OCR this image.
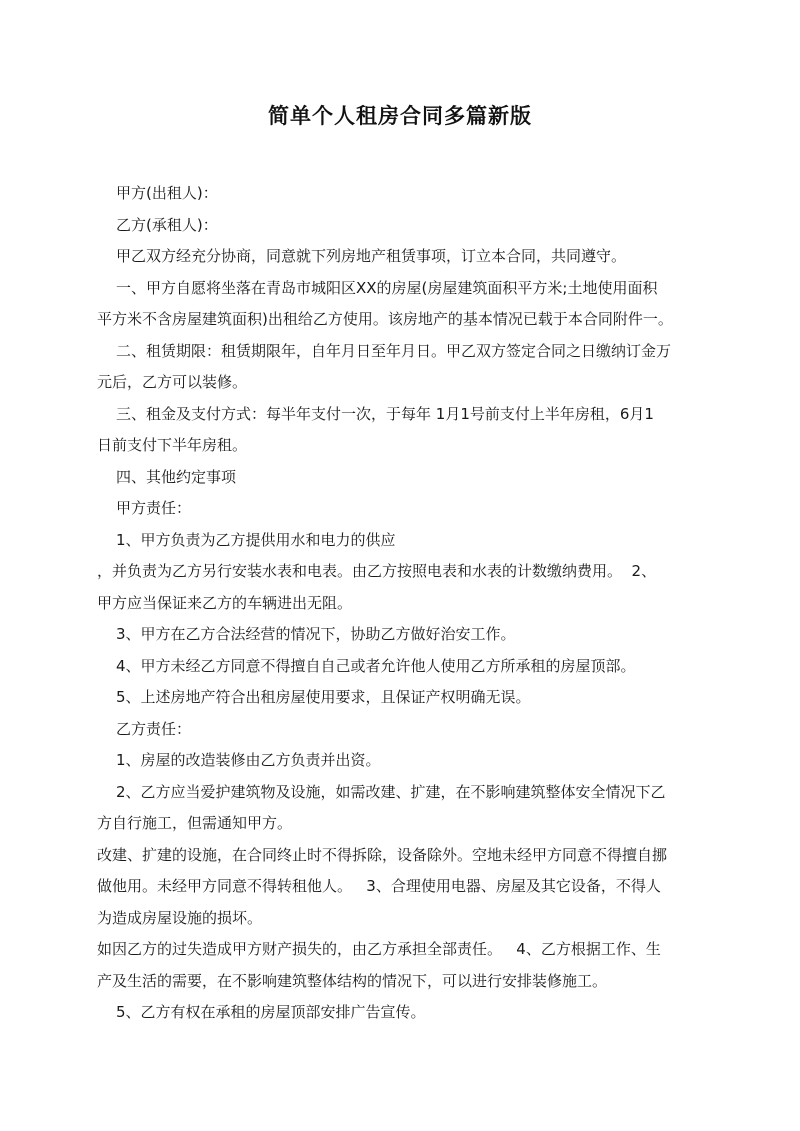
简单个人租房合同多篇新版
甲方(出租人)：
乙方(承租人)：
甲乙双方经充分协商，同意就下列房地产租赁事项，订立本合同，共同遵守。
一、甲方自愿将坐落在青岛市城阳区XX的房屋(房屋建筑面积平方米;土地使用面积
平方米不含房屋建筑面积)出租给乙方使用。该房地产的基本情况已载于本合同附件一。
二、租赁期限：租赁期限年，自年月日至年月日。甲乙双方签定合同之日缴纳订金万
元后，乙方可以装修。
三、租金及支付方式：每半年支付一次，于每年 1月1号前支付上半年房租，6月1
日前支付下半年房租。
四、其他约定事项
甲方责任：
1、甲方负责为乙方提供用水和电力的供应
，并负责为乙方另行安装水表和电表。由乙方按照电表和水表的计数缴纳费用。  2、
甲方应当保证来乙方的车辆进出无阻。
3、甲方在乙方合法经营的情况下，协助乙方做好治安工作。
4、甲方未经乙方同意不得擅自自己或者允许他人使用乙方所承租的房屋顶部。
5、上述房地产符合出租房屋使用要求，且保证产权明确无误。
乙方责任：
1、房屋的改造装修由乙方负责并出资。
2、乙方应当爱护建筑物及设施，如需改建、扩建，在不影响建筑整体安全情况下乙
方自行施工，但需通知甲方。
改建、扩建的设施，在合同终止时不得拆除，设备除外。空地未经甲方同意不得擅自挪
做他用。未经甲方同意不得转租他人。   3、合理使用电器、房屋及其它设备，不得人
为造成房屋设施的损坏。
如因乙方的过失造成甲方财产损失的，由乙方承担全部责任。   4、乙方根据工作、生
产及生活的需要，在不影响建筑整体结构的情况下，可以进行安排装修施工。
5、乙方有权在承租的房屋顶部安排广告宣传。
